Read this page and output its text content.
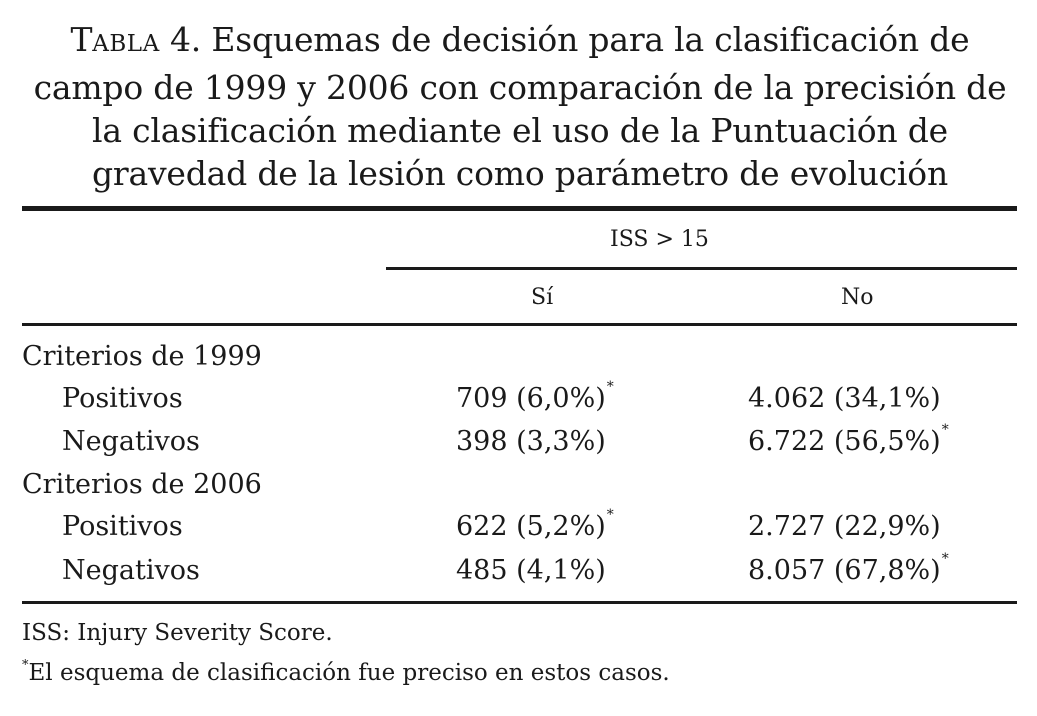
TABLA 4. Esquemas de decisión para la clasificación de campo de 1999 y 2006 con comparación de la precisión de la clasificación mediante el uso de la Puntuación de gravedad de la lesión como parámetro de evolución
ISS > 15
Sí	No
Criterios de 1999
Positivos	709 (6,0%)*	4.062 (34,1%)
Negativos	398 (3,3%)	6.722 (56,5%)*
Criterios de 2006
Positivos	622 (5,2%)*	2.727 (22,9%)
Negativos	485 (4,1%)	8.057 (67,8%)*
ISS: Injury Severity Score.
*El esquema de clasificación fue preciso en estos casos.
